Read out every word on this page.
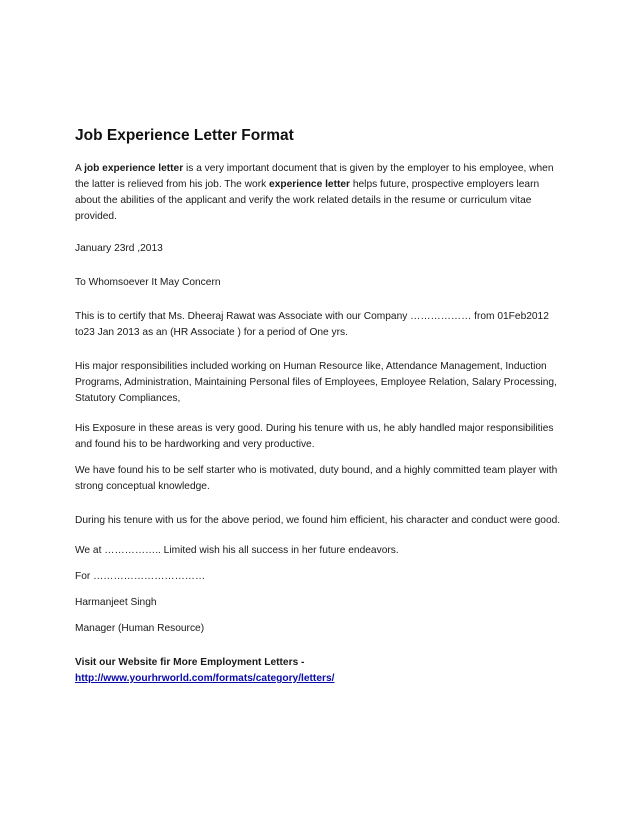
Job Experience Letter Format

A job experience letter is a very important document that is given by the employer to his employee, when the latter is relieved from his job. The work experience letter helps future, prospective employers learn about the abilities of the applicant and verify the work related details in the resume or curriculum vitae provided.

January 23rd ,2013

To Whomsoever It May Concern

This is to certify that Ms. Dheeraj Rawat was Associate with our Company ……………… from 01Feb2012 to23 Jan 2013 as an (HR Associate ) for a period of One yrs.

His major responsibilities included working on Human Resource like, Attendance Management, Induction Programs, Administration, Maintaining Personal files of Employees, Employee Relation, Salary Processing, Statutory Compliances,

His Exposure in these areas is very good. During his tenure with us, he ably handled major responsibilities and found his to be hardworking and very productive.

We have found his to be self starter who is motivated, duty bound, and a highly committed team player with strong conceptual knowledge.

During his tenure with us for the above period, we found him efficient, his character and conduct were good.

We at …………….. Limited wish his all success in her future endeavors.

For ……………………………

Harmanjeet Singh

Manager (Human Resource)

Visit our Website fir More Employment Letters -

http://www.yourhrworld.com/formats/category/letters/
